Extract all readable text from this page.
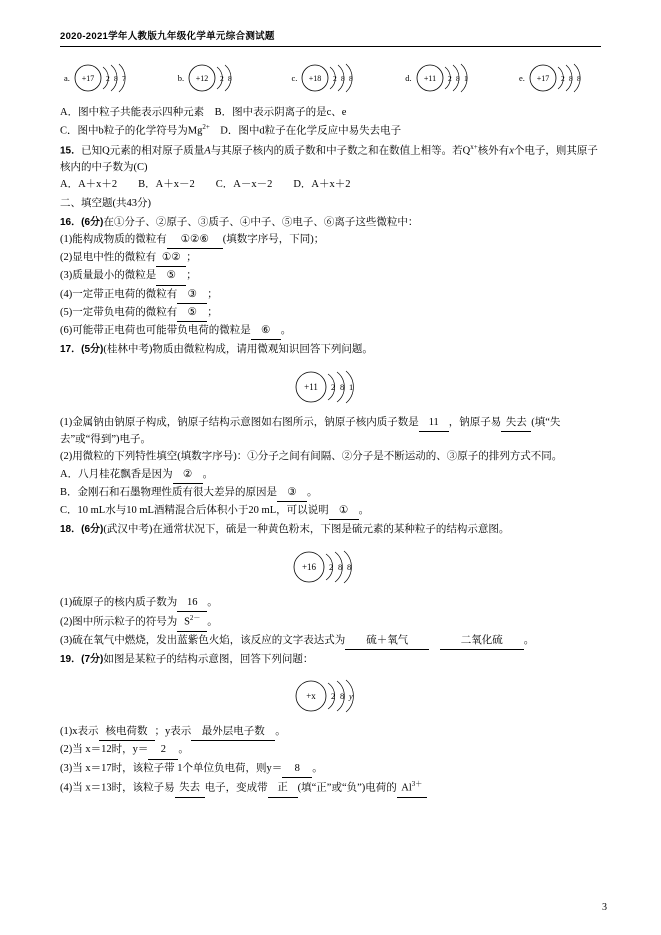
2020-2021学年人教版九年级化学单元综合测试题
a. +17 2 8 7	b. +12 2 8	c. +18 2 8 8	d. +11 2 8 1	e. +17 2 8 8

A．图中粒子共能表示四种元素 B．图中表示阴离子的是c、e

C．图中b粒子的化学符号为$Mg^{2+}$ D．图中d粒子在化学反应中易失去电子

15．已知Q元素的相对原子质量A与其原子核内的质子数和中子数之和在数值上相等。若$Q^{x+}$核外有x个电子，则其原子核内的中子数为(C)

A．A＋x＋2　　B．A＋x－2　　C．A－x－2　　D．A＋x＋2

二、填空题(共43分)

16．(6分)在①分子、②原子、③质子、④中子、⑤电子、⑥离子这些微粒中：

(1)能构成物质的微粒有 ①②⑥ (填数字序号，下同)；

(2)显电中性的微粒有 ①② ；

(3)质量最小的微粒是 ⑤ ；

(4)一定带正电荷的微粒有 ③ ；

(5)一定带负电荷的微粒有 ⑤ ；

(6)可能带正电荷也可能带负电荷的微粒是 ⑥ 。

17．(5分)(桂林中考)物质由微粒构成，请用微观知识回答下列问题。

+11 2 8 1

(1)金属钠由钠原子构成，钠原子结构示意图如右图所示，钠原子核内质子数是 11 ，钠原子易 失去 (填“失去”或“得到”)电子。

(2)用微粒的下列特性填空(填数字序号)：①分子之间有间隔、②分子是不断运动的、③原子的排列方式不同。

A．八月桂花飘香是因为 ② 。

B．金刚石和石墨物理性质有很大差异的原因是 ③ 。

C．10 mL水与10 mL酒精混合后体积小于20 mL，可以说明 ① 。

18．(6分)(武汉中考)在通常状况下，硫是一种黄色粉末，下图是硫元素的某种粒子的结构示意图。

+16 2 8 8

(1)硫原子的核内质子数为 16 。

(2)图中所示粒子的符号为 $S^{2-}$ 。

(3)硫在氧气中燃烧，发出蓝紫色火焰，该反应的文字表达式为 硫＋氧气	二氧化硫 。

19．(7分)如图是某粒子的结构示意图，回答下列问题：

+x 2 8 y

(1)x表示 核电荷数 ；y表示 最外层电子数 。

(2)当 x＝12时，y＝ 2 。

(3)当 x＝17时，该粒子带 1个单位负电荷，则y＝ 8 。

(4)当 x＝13时，该粒子易 失去 电子，变成带 正 (填“正”或“负”)电荷的 $Al^{3+}$

3
